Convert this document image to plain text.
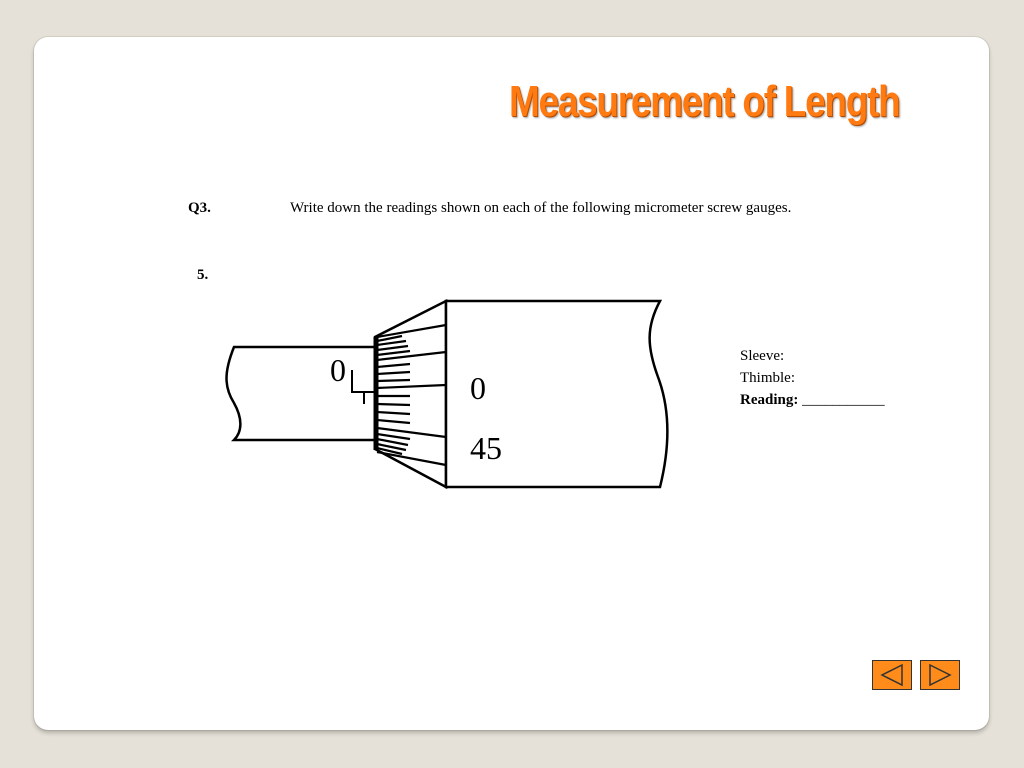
Measurement of Length
Q3.	Write down the readings shown on each of the following micrometer screw gauges.
5.
0	0
45
Sleeve:
Thimble:
Reading: ___________
